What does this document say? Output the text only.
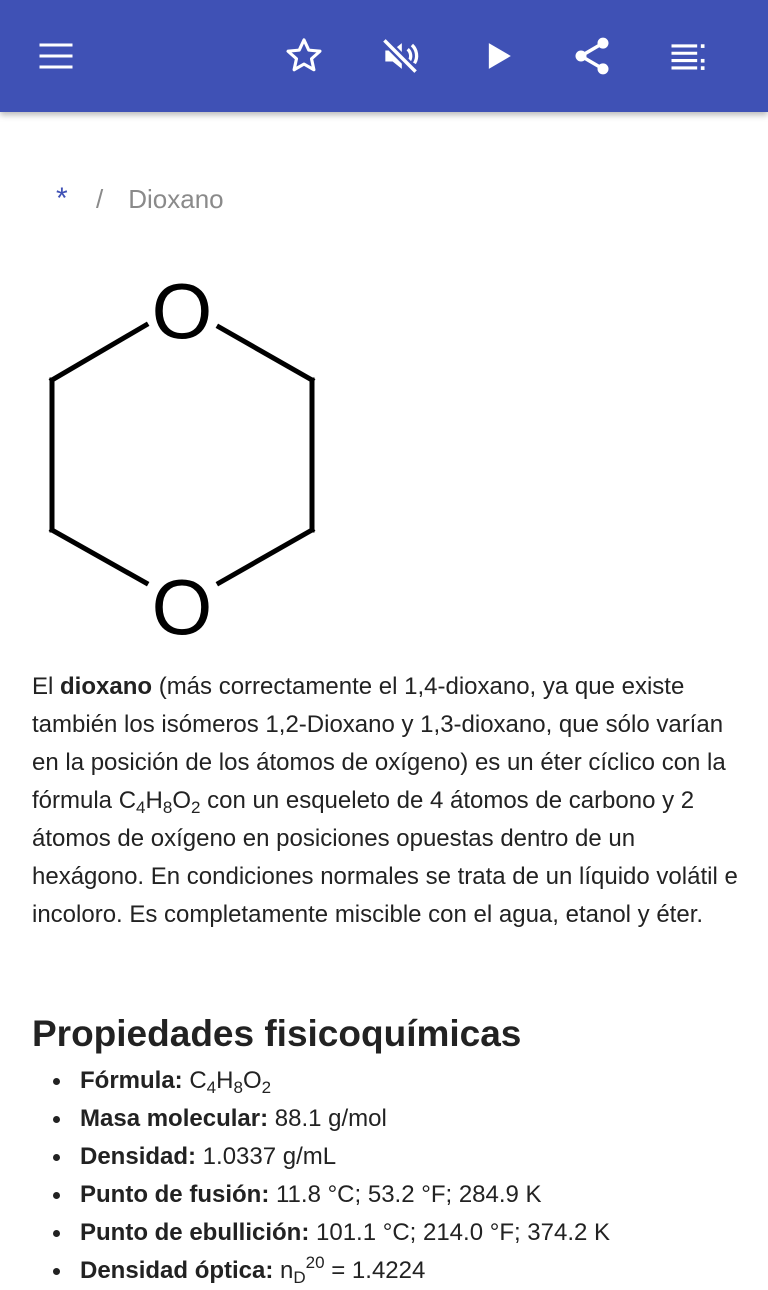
* / Dioxano
O
O

El dioxano (más correctamente el 1,4-dioxano, ya que existe también los isómeros 1,2-Dioxano y 1,3-dioxano, que sólo varían en la posición de los átomos de oxígeno) es un éter cíclico con la fórmula $C_4H_8O_2$ con un esqueleto de 4 átomos de carbono y 2 átomos de oxígeno en posiciones opuestas dentro de un hexágono. En condiciones normales se trata de un líquido volátil e incoloro. Es completamente miscible con el agua, etanol y éter.

Propiedades fisicoquímicas
Fórmula: $C_4H_8O_2$
Masa molecular: 88.1 g/mol
Densidad: 1.0337 g/mL
Punto de fusión: 11.8 °C; 53.2 °F; 284.9 K
Punto de ebullición: 101.1 °C; 214.0 °F; 374.2 K
Densidad óptica: $n_D^{20} = 1.4224$
